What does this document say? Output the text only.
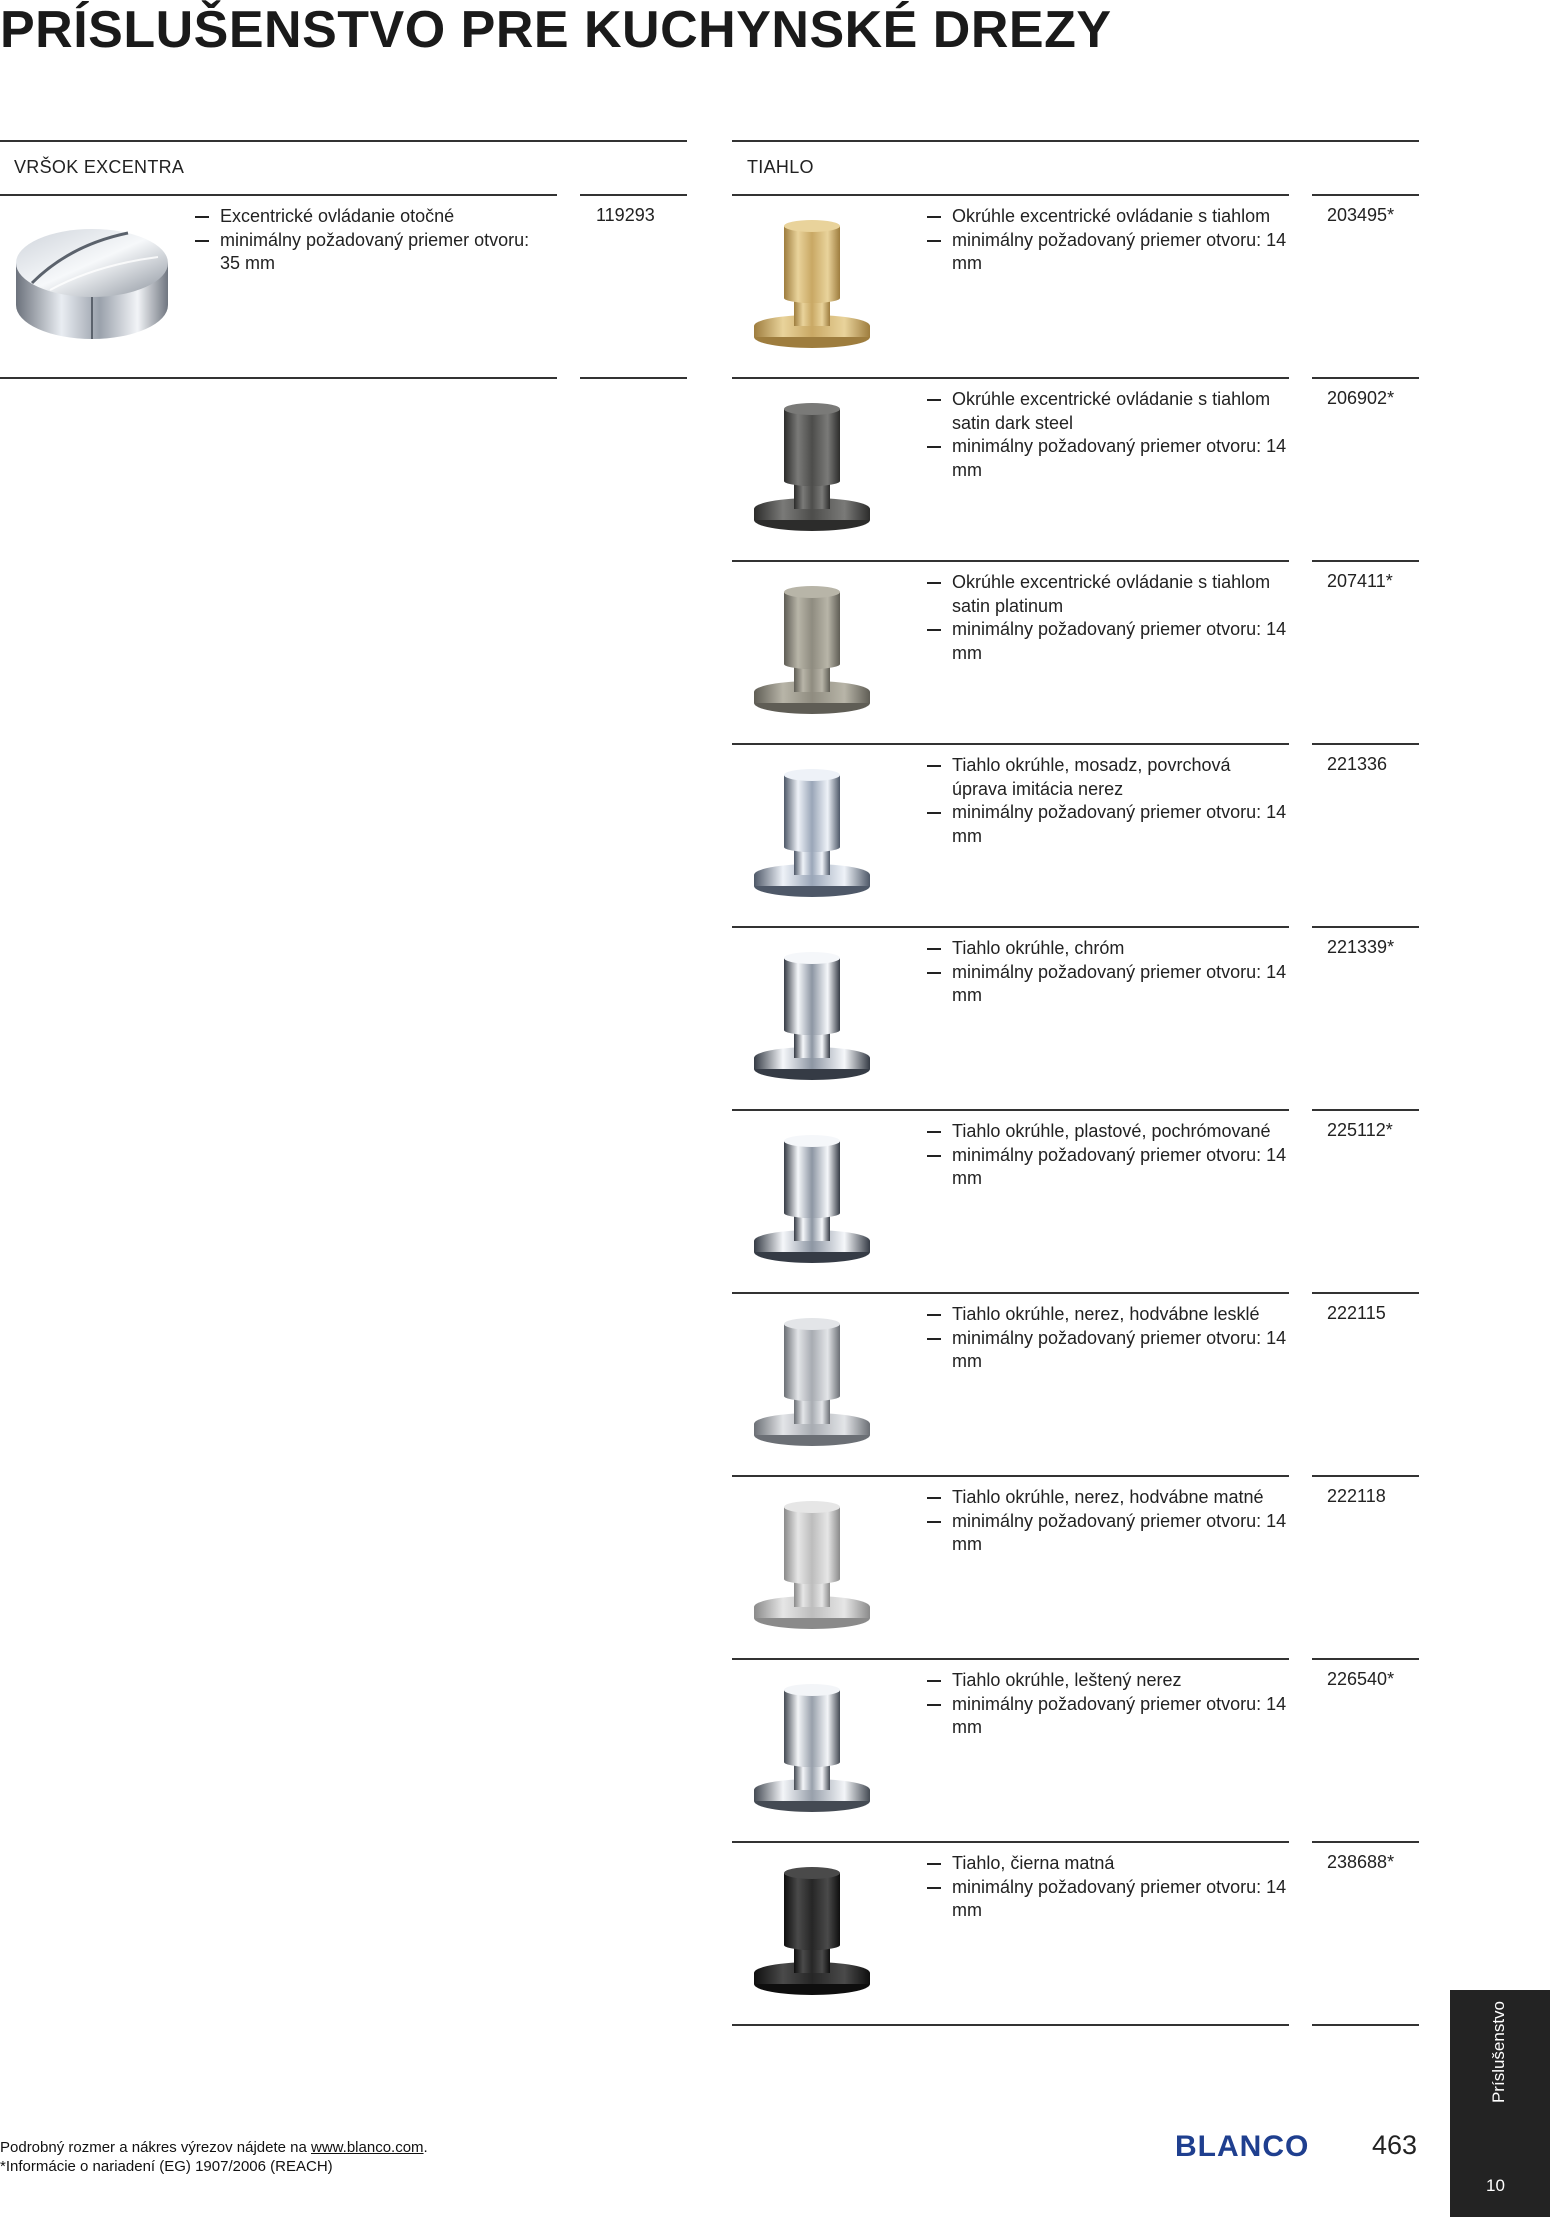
PRÍSLUŠENSTVO PRE KUCHYNSKÉ DREZY
VRŠOK EXCENTRA
Excentrické ovládanie otočné
minimálny požadovaný priemer otvoru: 35 mm
119293
TIAHLO
Okrúhle excentrické ovládanie s tiahlom
minimálny požadovaný priemer otvoru: 14 mm
203495*
Okrúhle excentrické ovládanie s tiahlom satin dark steel
minimálny požadovaný priemer otvoru: 14 mm
206902*
Okrúhle excentrické ovládanie s tiahlom satin platinum
minimálny požadovaný priemer otvoru: 14 mm
207411*
Tiahlo okrúhle, mosadz, povrchová úprava imitácia nerez
minimálny požadovaný priemer otvoru: 14 mm
221336
Tiahlo okrúhle, chróm
minimálny požadovaný priemer otvoru: 14 mm
221339*
Tiahlo okrúhle, plastové, pochrómované
minimálny požadovaný priemer otvoru: 14 mm
225112*
Tiahlo okrúhle, nerez, hodvábne lesklé
minimálny požadovaný priemer otvoru: 14 mm
222115
Tiahlo okrúhle, nerez, hodvábne matné
minimálny požadovaný priemer otvoru: 14 mm
222118
Tiahlo okrúhle, leštený nerez
minimálny požadovaný priemer otvoru: 14 mm
226540*
Tiahlo, čierna matná
minimálny požadovaný priemer otvoru: 14 mm
238688*
Podrobný rozmer a nákres výrezov nájdete na www.blanco.com.
*Informácie o nariadení (EG) 1907/2006 (REACH)
BLANCO 463
Príslušenstvo
10
